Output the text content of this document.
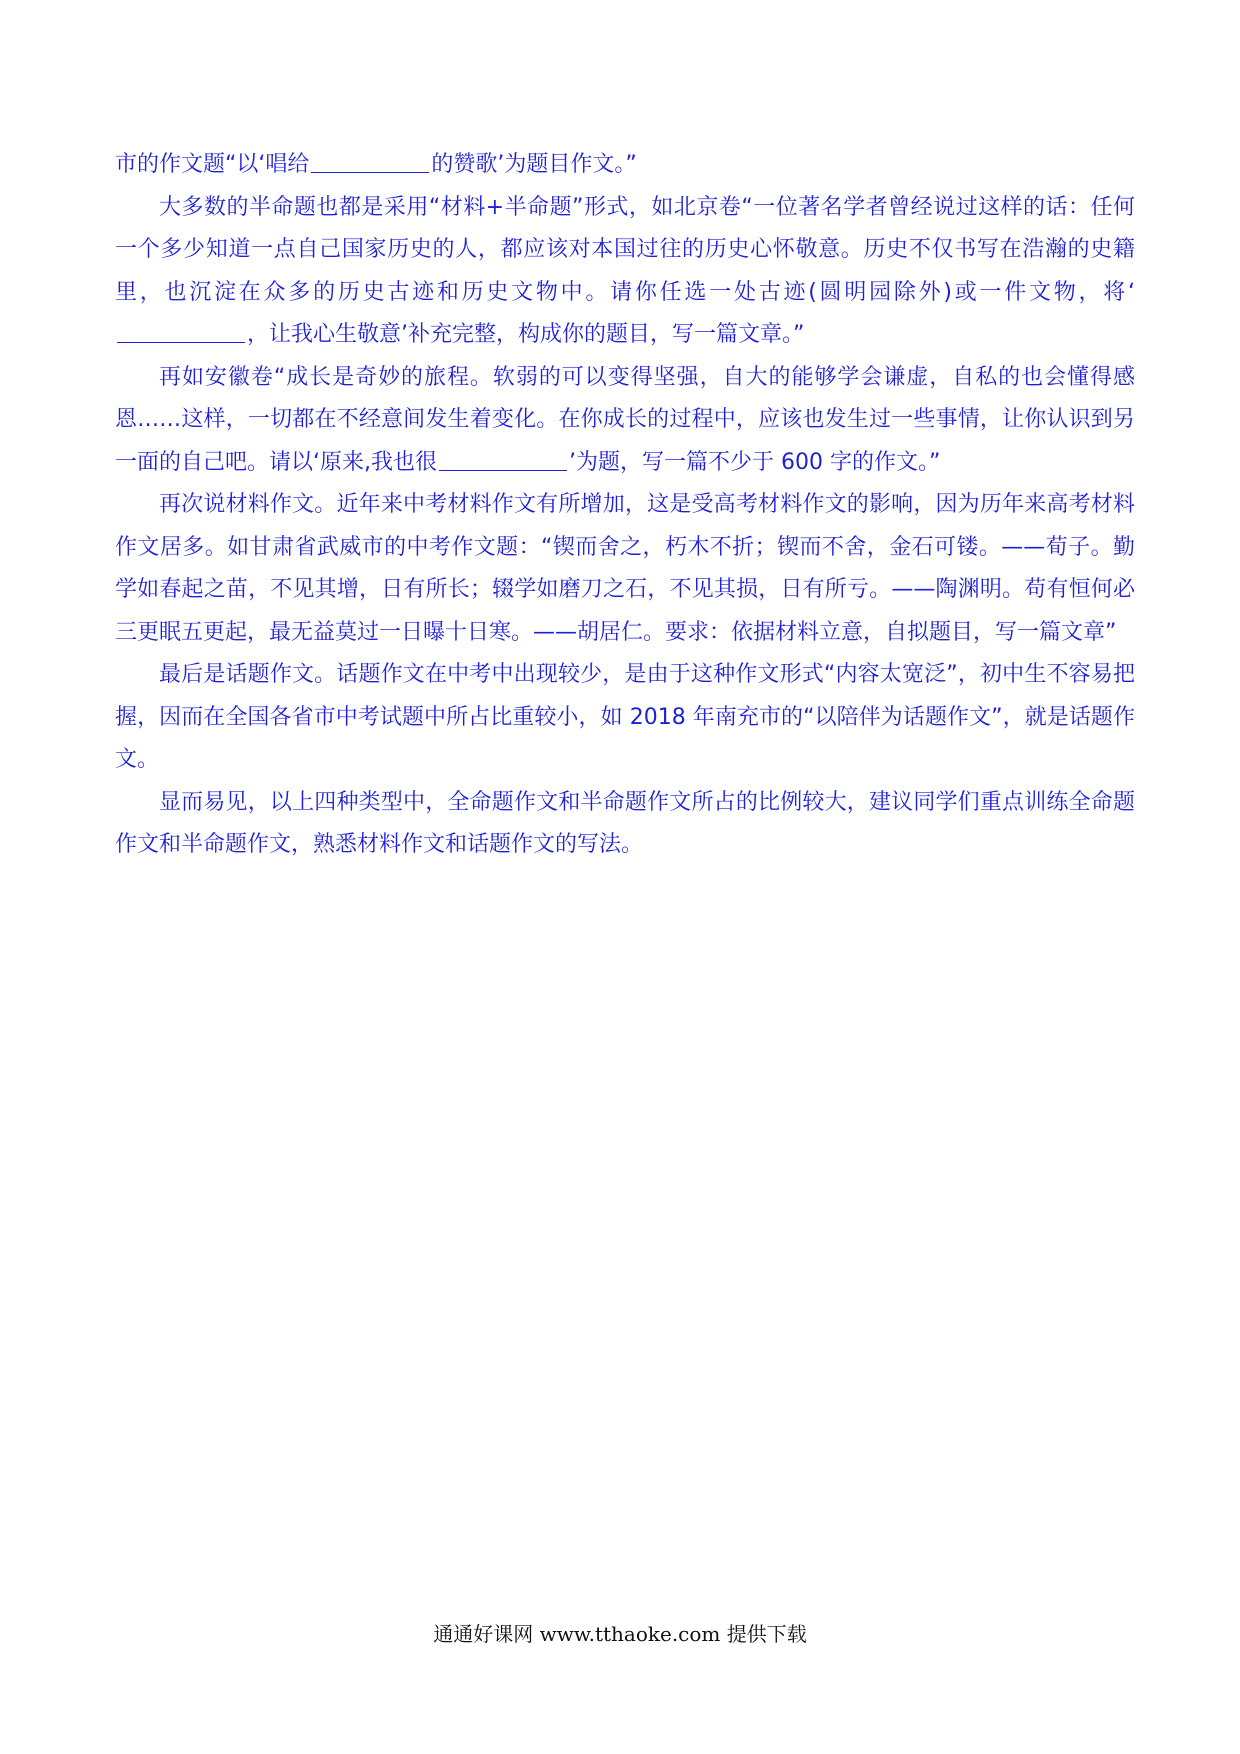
市的作文题“以‘唱给	的赞歌’为题目作文。”

大多数的半命题也都是采用“材料+半命题”形式，如北京卷“一位著名学者曾经说过这样的话：任何一个多少知道一点自己国家历史的人，都应该对本国过往的历史心怀敬意。历史不仅书写在浩瀚的史籍里，也沉淀在众多的历史古迹和历史文物中。请你任选一处古迹(圆明园除外)或一件文物，将‘，让我心生敬意’补充完整，构成你的题目，写一篇文章。”

再如安徽卷“成长是奇妙的旅程。软弱的可以变得坚强，自大的能够学会谦虚，自私的也会懂得感恩……这样，一切都在不经意间发生着变化。在你成长的过程中，应该也发生过一些事情，让你认识到另一面的自己吧。请以‘原来,我也很	’为题，写一篇不少于 600 字的作文。”

再次说材料作文。近年来中考材料作文有所增加，这是受高考材料作文的影响，因为历年来高考材料作文居多。如甘肃省武威市的中考作文题：“锲而舍之，朽木不折；锲而不舍，金石可镂。——荀子。勤学如春起之苗，不见其增，日有所长；辍学如磨刀之石，不见其损，日有所亏。——陶渊明。苟有恒何必三更眠五更起，最无益莫过一日曝十日寒。——胡居仁。要求：依据材料立意，自拟题目，写一篇文章”

最后是话题作文。话题作文在中考中出现较少，是由于这种作文形式“内容太宽泛”，初中生不容易把握，因而在全国各省市中考试题中所占比重较小，如 2018 年南充市的“以陪伴为话题作文”，就是话题作文。

显而易见，以上四种类型中，全命题作文和半命题作文所占的比例较大，建议同学们重点训练全命题作文和半命题作文，熟悉材料作文和话题作文的写法。

通通好课网 www.tthaoke.com 提供下载
